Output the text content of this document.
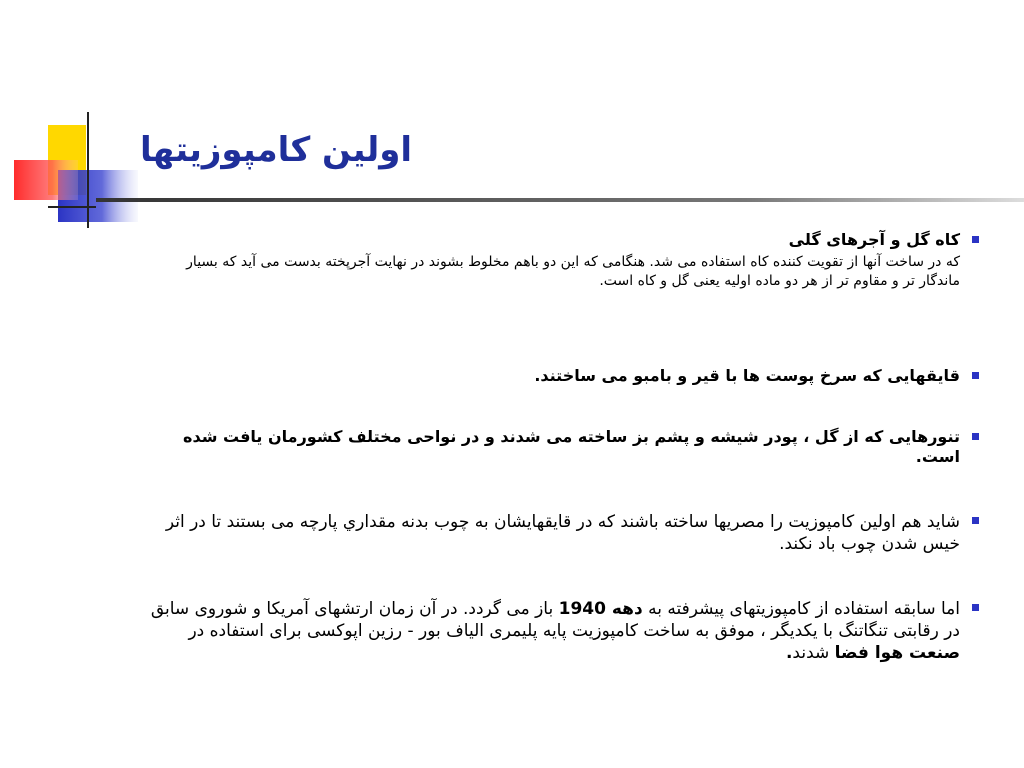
اولین کامپوزیتها

کاه گل و آجرهای گلی

که در ساخت آنها از تقویت کننده کاه استفاده می شد. هنگامی که این دو باهم مخلوط بشوند در نهایت آجرپخته بدست می آید که بسیار ماندگار تر و مقاوم تر از هر دو ماده اولیه یعنی گل و کاه است.

قایقهایی که سرخ پوست ها با قیر و بامبو می ساختند.

تنورهایی که از گل ، پودر شیشه و پشم بز ساخته می شدند و در نواحی مختلف کشورمان یافت شده است.

شاید هم اولین کامپوزیت را مصريها ساخته باشند که در قایقهایشان به چوب بدنه مقداري پارچه می بستند تا در اثر خیس شدن چوب باد نکند.

اما سابقه استفاده از کامپوزیتهای پیشرفته به دهه 1940 باز می گردد. در آن زمان ارتشهای آمریکا و شوروی سابق در رقابتی تنگاتنگ با یکدیگر ، موفق به ساخت کامپوزیت پایه پلیمری الیاف بور - رزین اپوکسی برای استفاده در صنعت هوا فضا شدند.
